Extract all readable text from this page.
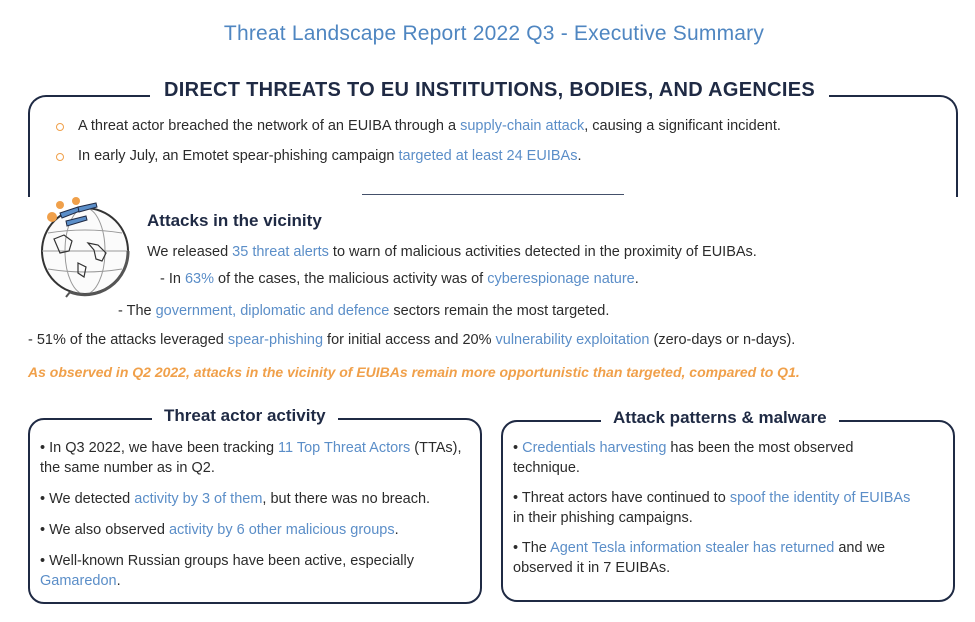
Threat Landscape Report 2022 Q3 - Executive Summary
DIRECT THREATS TO EU INSTITUTIONS, BODIES, AND AGENCIES
A threat actor breached the network of an EUIBA through a supply-chain attack, causing a significant incident.
In early July, an Emotet spear-phishing campaign targeted at least 24 EUIBAs.
Attacks in the vicinity
We released 35 threat alerts to warn of malicious activities detected in the proximity of EUIBAs.
- In 63% of the cases, the malicious activity was of cyberespionage nature.
- The government, diplomatic and defence sectors remain the most targeted.
- 51% of the attacks leveraged spear-phishing for initial access and 20% vulnerability exploitation (zero-days or n-days).
As observed in Q2 2022, attacks in the vicinity of EUIBAs remain more opportunistic than targeted, compared to Q1.
Threat actor activity
• In Q3 2022, we have been tracking 11 Top Threat Actors (TTAs), the same number as in Q2.
• We detected activity by 3 of them, but there was no breach.
• We also observed activity by 6 other malicious groups.
• Well-known Russian groups have been active, especially Gamaredon.
Attack patterns & malware
• Credentials harvesting has been the most observed technique.
• Threat actors have continued to spoof the identity of EUIBAs in their phishing campaigns.
• The Agent Tesla information stealer has returned and we observed it in 7 EUIBAs.
